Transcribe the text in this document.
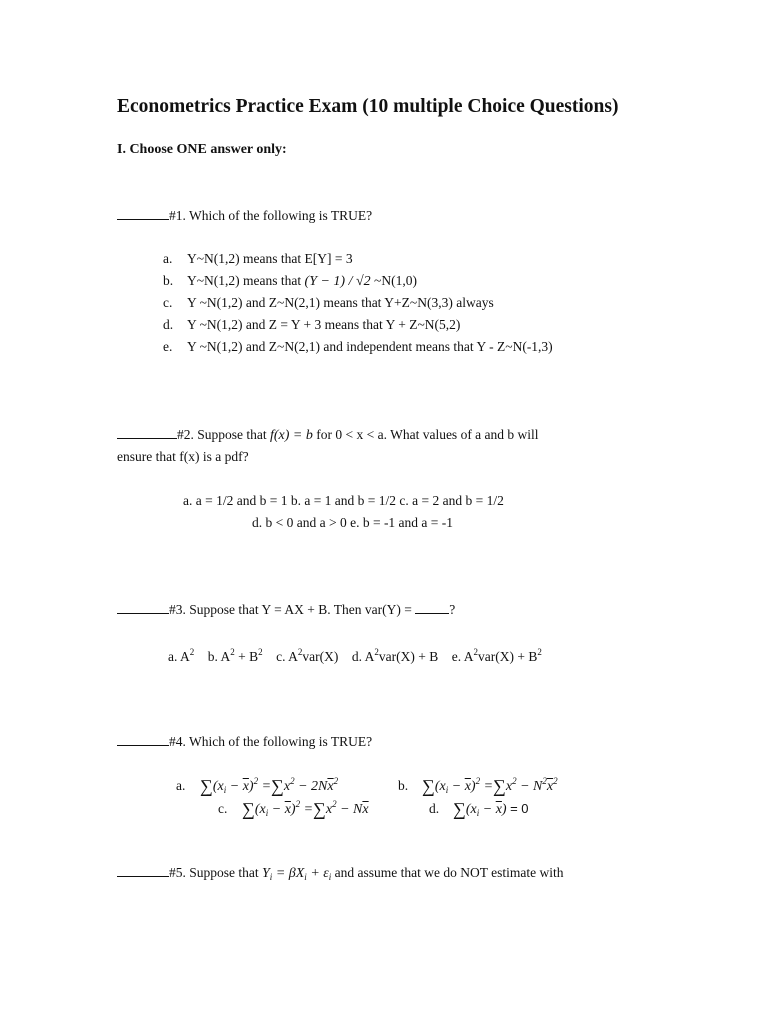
Econometrics Practice Exam (10 multiple Choice Questions)
I. Choose ONE answer only:
#1. Which of the following is TRUE?
a. Y~N(1,2) means that E[Y] = 3
b. Y~N(1,2) means that (Y − 1) / √2 ~N(1,0)
c. Y ~N(1,2) and Z~N(2,1) means that Y+Z~N(3,3) always
d. Y ~N(1,2) and Z = Y + 3 means that Y + Z~N(5,2)
e. Y ~N(1,2) and Z~N(2,1) and independent means that Y - Z~N(-1,3)
#2. Suppose that f(x) = b for 0 < x < a. What values of a and b will
ensure that f(x) is a pdf?
a. a = 1/2 and b = 1 b. a = 1 and b = 1/2 c. a = 2 and b = 1/2
d. b < 0 and a > 0 e. b = -1 and a = -1
#3. Suppose that Y = AX + B. Then var(Y) =	?
a. $A^2$ b. $A^2 + B^2$ c. $A^2var(X)$ d. $A^2var(X) + B$ e. $A^2var(X) + B^2$
#4. Which of the following is TRUE?
a. $\sum(x_i - \overline{x})^2 =\sum x^2 - 2N\overline{x}^2$	b. $\sum(x_i - \overline{x})^2 =\sum x^2 - N^2\overline{x}^2$
c. $\sum(x_i - \overline{x})^2 =\sum x^2 - N\overline{x}$	d. $\sum(x_i - \overline{x}) = 0$
#5. Suppose that $Y_i = \beta X_i + \varepsilon_i$ and assume that we do NOT estimate with
